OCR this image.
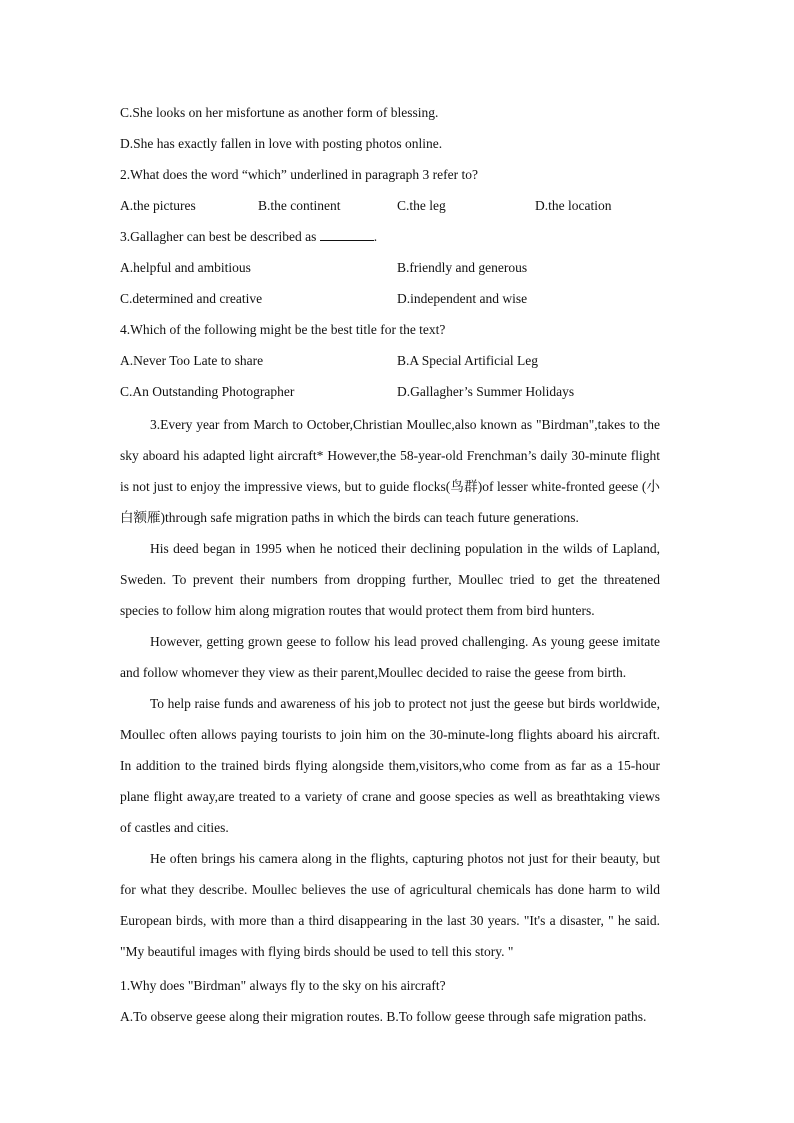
C.She looks on her misfortune as another form of blessing.
D.She has exactly fallen in love with posting photos online.
2.What does the word “which” underlined in paragraph 3 refer to?
A.the pictures	B.the continent	C.the leg	D.the location
3.Gallagher can best be described as	.
A.helpful and ambitious	B.friendly and generous
C.determined and creative	D.independent and wise
4.Which of the following might be the best title for the text?
A.Never Too Late to share	B.A Special Artificial Leg
C.An Outstanding Photographer	D.Gallagher’s Summer Holidays
3.Every year from March to October,Christian Moullec,also known as "Birdman",takes to the sky aboard his adapted light aircraft* However,the 58-year-old Frenchman’s daily 30-minute flight is not just to enjoy the impressive views, but to guide flocks(鸟群)of lesser white-fronted geese (小白额雁)through safe migration paths in which the birds can teach future generations.
His deed began in 1995 when he noticed their declining population in the wilds of Lapland, Sweden. To prevent their numbers from dropping further, Moullec tried to get the threatened species to follow him along migration routes that would protect them from bird hunters.
However, getting grown geese to follow his lead proved challenging. As young geese imitate and follow whomever they view as their parent,Moullec decided to raise the geese from birth.
To help raise funds and awareness of his job to protect not just the geese but birds worldwide, Moullec often allows paying tourists to join him on the 30-minute-long flights aboard his aircraft. In addition to the trained birds flying alongside them,visitors,who come from as far as a 15-hour plane flight away,are treated to a variety of crane and goose species as well as breathtaking views of castles and cities.
He often brings his camera along in the flights, capturing photos not just for their beauty, but for what they describe. Moullec believes the use of agricultural chemicals has done harm to wild European birds, with more than a third disappearing in the last 30 years. "It's a disaster, " he said. "My beautiful images with flying birds should be used to tell this story. "
1.Why does "Birdman" always fly to the sky on his aircraft?
A.To observe geese along their migration routes. B.To follow geese through safe migration paths.
